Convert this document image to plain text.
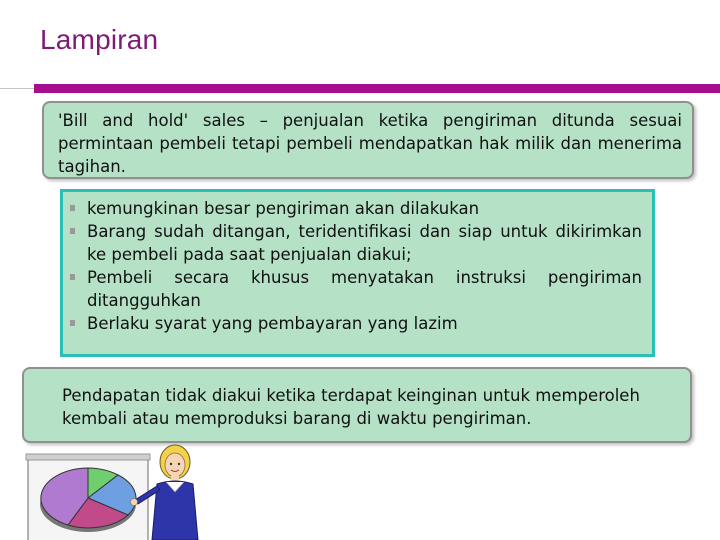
Lampiran

'Bill and hold' sales – penjualan ketika pengiriman ditunda sesuai permintaan pembeli tetapi pembeli mendapatkan hak milik dan menerima tagihan.

kemungkinan besar pengiriman akan dilakukan
Barang sudah ditangan, teridentifikasi dan siap untuk dikirimkan ke pembeli pada saat penjualan diakui;
Pembeli secara khusus menyatakan instruksi pengiriman ditangguhkan
Berlaku syarat yang pembayaran yang lazim

Pendapatan tidak diakui ketika terdapat keinginan untuk memperoleh kembali atau memproduksi barang di waktu pengiriman.
